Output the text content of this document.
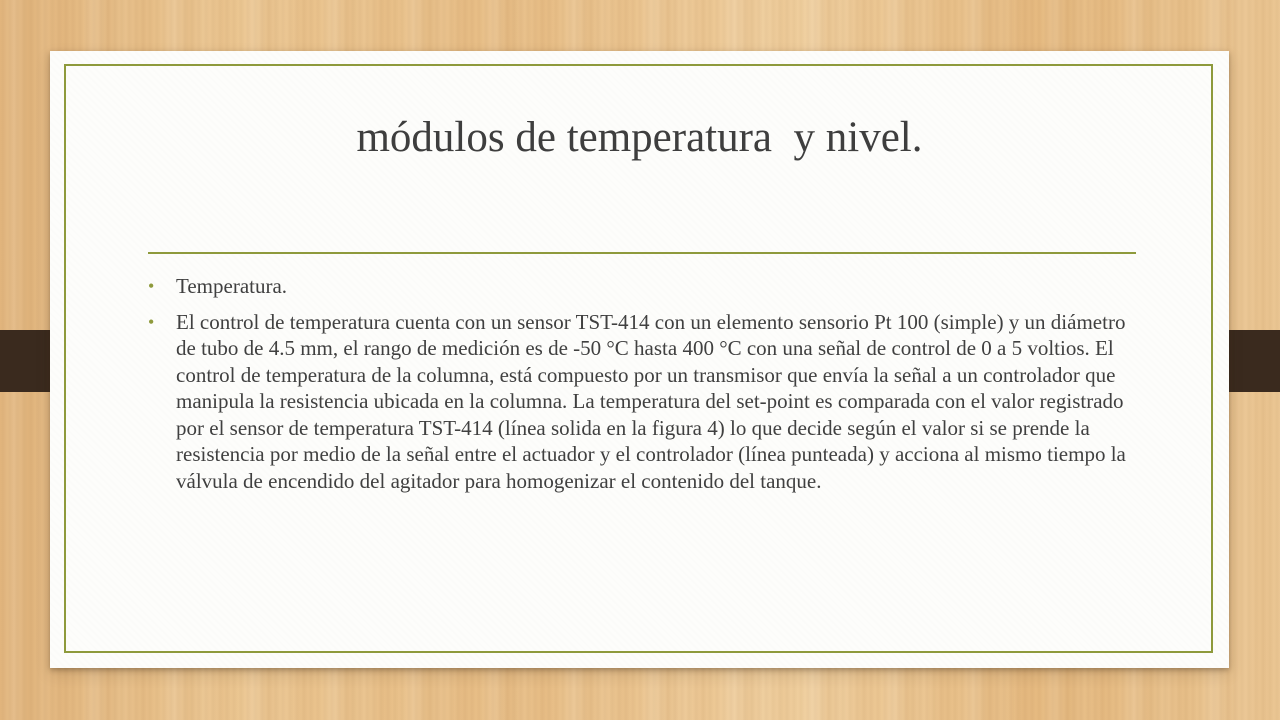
módulos de temperatura  y nivel.
• Temperatura.
• El control de temperatura cuenta con un sensor TST-414 con un elemento sensorio Pt 100 (simple) y un diámetro de tubo de 4.5 mm, el rango de medición es de -50 °C hasta 400 °C con una señal de control de 0 a 5 voltios. El control de temperatura de la columna, está compuesto por un transmisor que envía la señal a un controlador que manipula la resistencia ubicada en la columna. La temperatura del set-point es comparada con el valor registrado por el sensor de temperatura TST-414 (línea solida en la figura 4) lo que decide según el valor si se prende la resistencia por medio de la señal entre el actuador y el controlador (línea punteada) y acciona al mismo tiempo la válvula de encendido del agitador para homogenizar el contenido del tanque.
